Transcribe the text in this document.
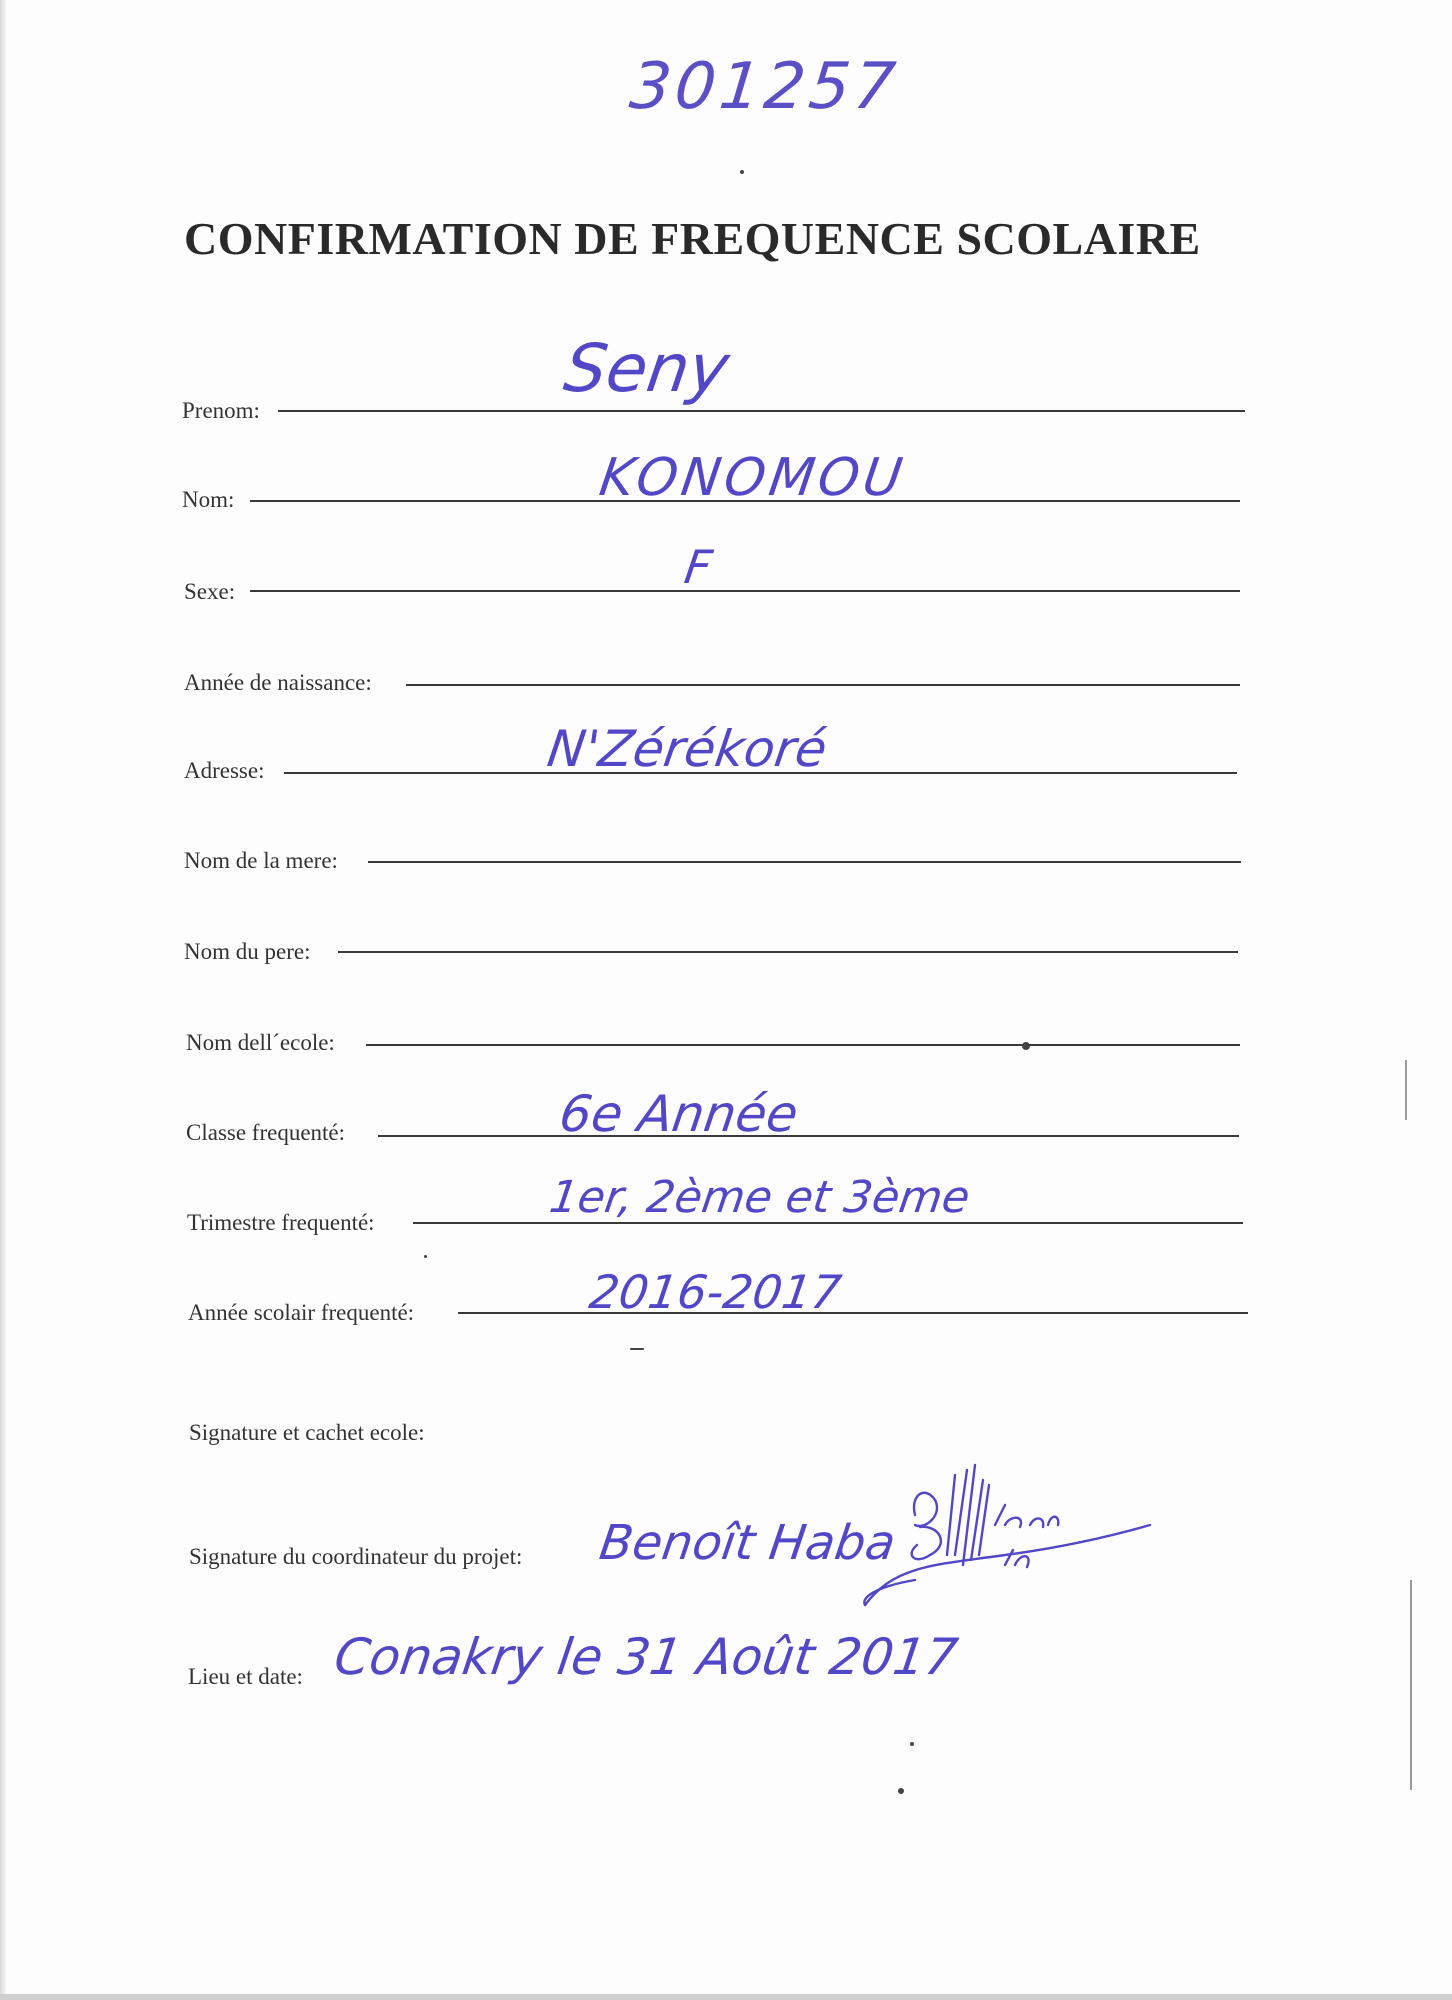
301257
CONFIRMATION DE FREQUENCE SCOLAIRE
Prenom:
Seny
Nom:	KONOMOU
Sexe:	F
Année de naissance:
Adresse:	N'Zérékoré
Nom de la mere:
Nom du pere:
Nom dell´ecole:
Classe frequenté:	6e Année
Trimestre frequenté:	1er, 2ème et 3ème
Année scolair frequenté:	2016-2017
Signature et cachet ecole:
Signature du coordinateur du projet: Benoît Haba
Lieu et date: Conakry le 31 Août 2017
